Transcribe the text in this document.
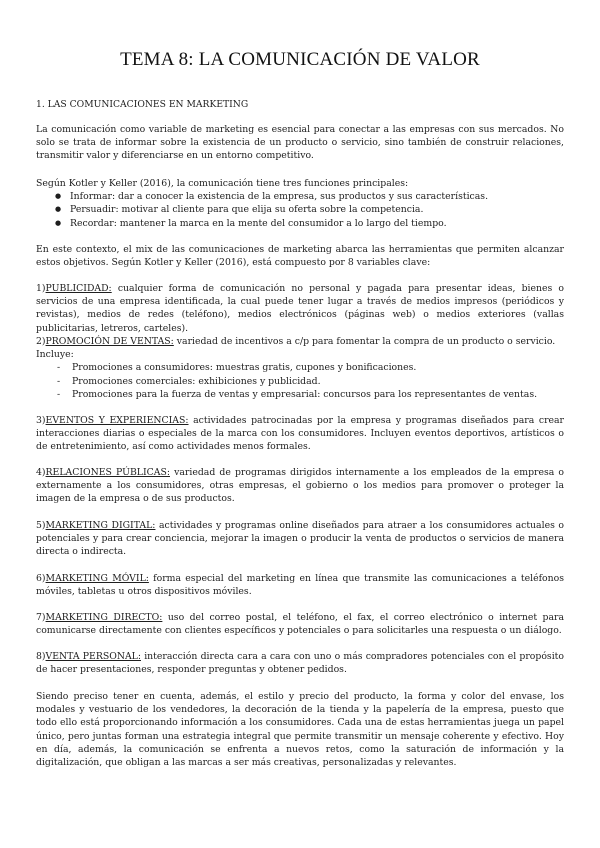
TEMA 8: LA COMUNICACIÓN DE VALOR

1. LAS COMUNICACIONES EN MARKETING

La comunicación como variable de marketing es esencial para conectar a las empresas con sus mercados. No solo se trata de informar sobre la existencia de un producto o servicio, sino también de construir relaciones, transmitir valor y diferenciarse en un entorno competitivo.

Según Kotler y Keller (2016), la comunicación tiene tres funciones principales:

● Informar: dar a conocer la existencia de la empresa, sus productos y sus características.
● Persuadir: motivar al cliente para que elija su oferta sobre la competencia.
● Recordar: mantener la marca en la mente del consumidor a lo largo del tiempo.

En este contexto, el mix de las comunicaciones de marketing abarca las herramientas que permiten alcanzar estos objetivos. Según Kotler y Keller (2016), está compuesto por 8 variables clave:

1)PUBLICIDAD: cualquier forma de comunicación no personal y pagada para presentar ideas, bienes o servicios de una empresa identificada, la cual puede tener lugar a través de medios impresos (periódicos y revistas), medios de redes (teléfono), medios electrónicos (páginas web) o medios exteriores (vallas publicitarias, letreros, carteles).

2)PROMOCIÓN DE VENTAS: variedad de incentivos a c/p para fomentar la compra de un producto o servicio.

Incluye:

- Promociones a consumidores: muestras gratis, cupones y bonificaciones.
- Promociones comerciales: exhibiciones y publicidad.
- Promociones para la fuerza de ventas y empresarial: concursos para los representantes de ventas.

3)EVENTOS Y EXPERIENCIAS: actividades patrocinadas por la empresa y programas diseñados para crear interacciones diarias o especiales de la marca con los consumidores. Incluyen eventos deportivos, artísticos o de entretenimiento, así como actividades menos formales.

4)RELACIONES PÚBLICAS: variedad de programas dirigidos internamente a los empleados de la empresa o externamente a los consumidores, otras empresas, el gobierno o los medios para promover o proteger la imagen de la empresa o de sus productos.

5)MARKETING DIGITAL: actividades y programas online diseñados para atraer a los consumidores actuales o potenciales y para crear conciencia, mejorar la imagen o producir la venta de productos o servicios de manera directa o indirecta.

6)MARKETING MÓVIL: forma especial del marketing en línea que transmite las comunicaciones a teléfonos móviles, tabletas u otros dispositivos móviles.

7)MARKETING DIRECTO: uso del correo postal, el teléfono, el fax, el correo electrónico o internet para comunicarse directamente con clientes específicos y potenciales o para solicitarles una respuesta o un diálogo.

8)VENTA PERSONAL: interacción directa cara a cara con uno o más compradores potenciales con el propósito de hacer presentaciones, responder preguntas y obtener pedidos.

Siendo preciso tener en cuenta, además, el estilo y precio del producto, la forma y color del envase, los modales y vestuario de los vendedores, la decoración de la tienda y la papelería de la empresa, puesto que todo ello está proporcionando información a los consumidores. Cada una de estas herramientas juega un papel único, pero juntas forman una estrategia integral que permite transmitir un mensaje coherente y efectivo. Hoy en día, además, la comunicación se enfrenta a nuevos retos, como la saturación de información y la digitalización, que obligan a las marcas a ser más creativas, personalizadas y relevantes.
